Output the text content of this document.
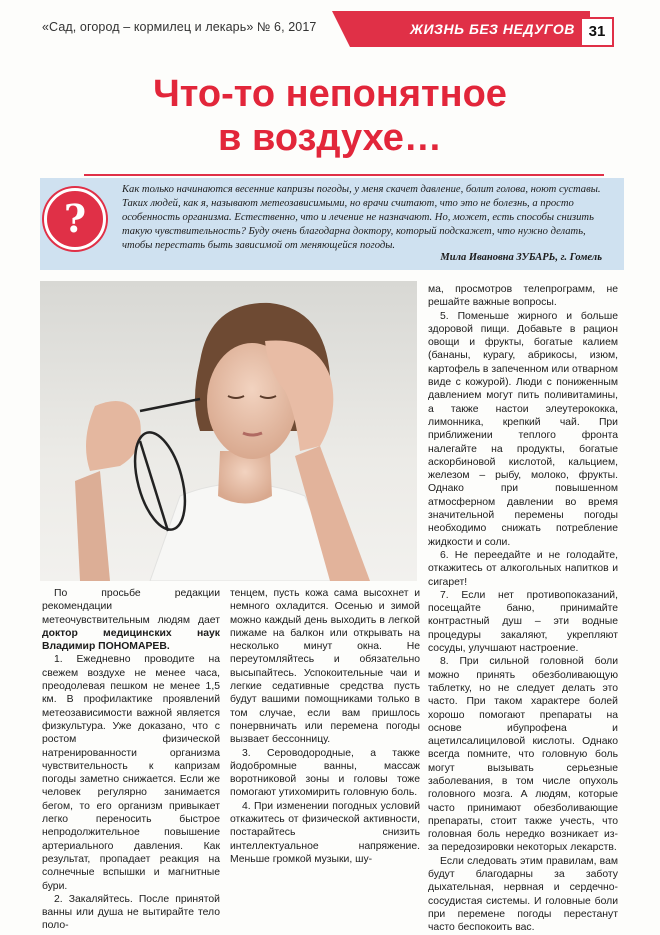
«Сад, огород – кормилец и лекарь» № 6, 2017	ЖИЗНЬ БЕЗ НЕДУГОВ 31
Что-то непонятное
в воздухе…
?
Как только начинаются весенние капризы погоды, у меня скачет давление, болит голова, ноют суставы. Таких людей, как я, называют метеозависимыми, но врачи считают, что это не болезнь, а просто особенность организма. Естественно, что и лечение не назначают. Но, может, есть способы снизить такую чувствительность? Буду очень благодарна доктору, который подскажет, что нужно делать, чтобы перестать быть зависимой от меняющейся погоды.
Мила Ивановна ЗУБАРЬ, г. Гомель

ма, просмотров телепрограмм, не решайте важные вопросы.

5. Поменьше жирного и больше здоровой пищи. Добавьте в рацион овощи и фрукты, богатые калием (бананы, курагу, абрикосы, изюм, картофель в запеченном или отварном виде с кожурой). Люди с пониженным давлением могут пить поливитамины, а также настои элеутерококка, лимонника, крепкий чай. При приближении теплого фронта налегайте на продукты, богатые аскорбиновой кислотой, кальцием, железом – рыбу, молоко, фрукты. Однако при повышенном атмосферном давлении во время значительной перемены погоды необходимо снижать потребление жидкости и соли.

6. Не переедайте и не голодайте, откажитесь от алкогольных напитков и сигарет!

7. Если нет противопоказаний, посещайте баню, принимайте контрастный душ – эти водные процедуры закаляют, укрепляют сосуды, улучшают настроение.

8. При сильной головной боли можно принять обезболивающую таблетку, но не следует делать это часто. При таком характере болей хорошо помогают препараты на основе ибупрофена и ацетилсалициловой кислоты. Однако всегда помните, что головную боль могут вызывать серьезные заболевания, в том числе опухоль головного мозга. А людям, которые часто принимают обезболивающие препараты, стоит также учесть, что головная боль нередко возникает из-за передозировки некоторых лекарств.

Если следовать этим правилам, вам будут благодарны за заботу дыхательная, нервная и сердечно-сосудистая системы. И головные боли при перемене погоды перестанут часто беспокоить вас.

По просьбе редакции рекомендации метеочувствительным людям дает доктор медицинских наук Владимир ПОНОМАРЕВ.

1. Ежедневно проводите на свежем воздухе не менее часа, преодолевая пешком не менее 1,5 км. В профилактике проявлений метеозависимости важной является физкультура. Уже доказано, что с ростом физической натренированности организма чувствительность к капризам погоды заметно снижается. Если же человек регулярно занимается бегом, то его организм привыкает легко переносить быстрое непродолжительное повышение артериального давления. Как результат, пропадает реакция на солнечные вспышки и магнитные бури.

2. Закаляйтесь. После принятой ванны или душа не вытирайте тело поло-

тенцем, пусть кожа сама высохнет и немного охладится. Осенью и зимой можно каждый день выходить в легкой пижаме на балкон или открывать на несколько минут окна. Не переутомляйтесь и обязательно высыпайтесь. Успокоительные чаи и легкие седативные средства пусть будут вашими помощниками только в том случае, если вам пришлось понервничать или перемена погоды вызвает бессонницу.

3. Сероводородные, а также йодобромные ванны, массаж воротниковой зоны и головы тоже помогают утихомирить головную боль.

4. При изменении погодных условий откажитесь от физической активности, постарайтесь снизить интеллектуальное напряжение. Меньше громкой музыки, шу-
